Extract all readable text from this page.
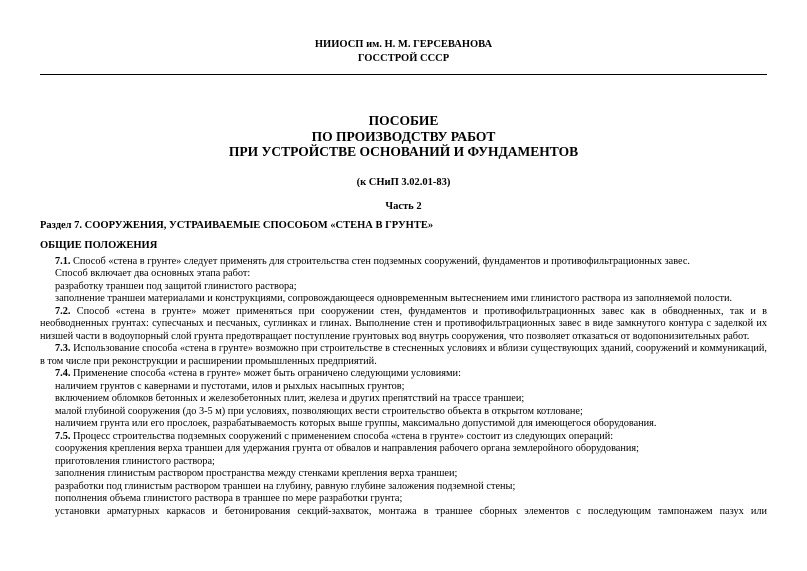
НИИОСП им. Н. М. ГЕРСЕВАНОВА
ГОССТРОЙ СССР
ПОСОБИЕ
ПО ПРОИЗВОДСТВУ РАБОТ
ПРИ УСТРОЙСТВЕ ОСНОВАНИЙ И ФУНДАМЕНТОВ
(к СНиП 3.02.01-83)
Часть 2
Раздел 7. СООРУЖЕНИЯ, УСТРАИВАЕМЫЕ СПОСОБОМ «СТЕНА В ГРУНТЕ»
ОБЩИЕ ПОЛОЖЕНИЯ

7.1. Способ «стена в грунте» следует применять для строительства стен подземных сооружений, фундаментов и противофильтрационных завес.

Способ включает два основных этапа работ:

разработку траншеи под защитой глинистого раствора;

заполнение траншеи материалами и конструкциями, сопровождающееся одновременным вытеснением ими глинистого раствора из заполняемой полости.

7.2. Способ «стена в грунте» может применяться при сооружении стен, фундаментов и противофильтрационных завес как в обводненных, так и в необводненных грунтах: супесчаных и песчаных, суглинках и глинах. Выполнение стен и противофильтрационных завес в виде замкнутого контура с заделкой их низшей части в водоупорный слой грунта предотвращает поступление грунтовых вод внутрь сооружения, что позволяет отказаться от водопонизительных работ.

7.3. Использование способа «стена в грунте» возможно при строительстве в стесненных условиях и вблизи существующих зданий, сооружений и коммуникаций, в том числе при реконструкции и расширении промышленных предприятий.

7.4. Применение способа «стена в грунте» может быть ограничено следующими условиями:

наличием грунтов с кавернами и пустотами, илов и рыхлых насыпных грунтов;

включением обломков бетонных и железобетонных плит, железа и других препятствий на трассе траншеи;

малой глубиной сооружения (до 3-5 м) при условиях, позволяющих вести строительство объекта в открытом котловане;

наличием грунта или его прослоек, разрабатываемость которых выше группы, максимально допустимой для имеющегося оборудования.

7.5. Процесс строительства подземных сооружений с применением способа «стена в грунте» состоит из следующих операций:

сооружения крепления верха траншеи для удержания грунта от обвалов и направления рабочего органа землеройного оборудования;

приготовления глинистого раствора;

заполнения глинистым раствором пространства между стенками крепления верха траншеи;

разработки под глинистым раствором траншеи на глубину, равную глубине заложения подземной стены;

пополнения объема глинистого раствора в траншее по мере разработки грунта;

установки арматурных каркасов и бетонирования секций-захваток, монтажа в траншее сборных элементов с последующим тампонажем пазух или
